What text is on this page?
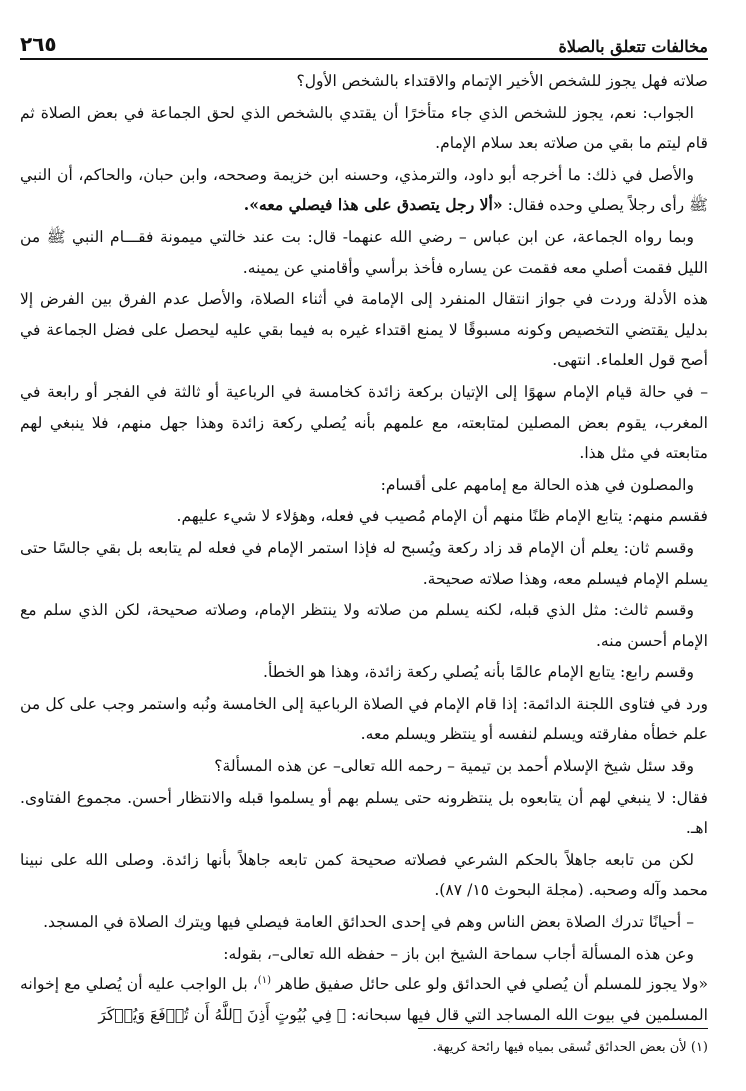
مخالفات تتعلق بالصلاة
٢٦٥

صلاته فهل يجوز للشخص الأخير الإتمام والاقتداء بالشخص الأول؟

الجواب: نعم، يجوز للشخص الذي جاء متأخرًا أن يقتدي بالشخص الذي لحق الجماعة في بعض الصلاة ثم قام ليتم ما بقي من صلاته بعد سلام الإمام.

والأصل في ذلك: ما أخرجه أبو داود، والترمذي، وحسنه ابن خزيمة وصححه، وابن حبان، والحاكم، أن النبي ﷺ رأى رجلاً يصلي وحده فقال: «ألا رجل يتصدق على هذا فيصلي معه».

وبما رواه الجماعة، عن ابن عباس – رضي الله عنهما- قال: بت عند خالتي ميمونة فقـــام النبي ﷺ من الليل فقمت أصلي معه فقمت عن يساره فأخذ برأسي وأقامني عن يمينه.

هذه الأدلة وردت في جواز انتقال المنفرد إلى الإمامة في أثناء الصلاة، والأصل عدم الفرق بين الفرض إلا بدليل يقتضي التخصيص وكونه مسبوقًا لا يمنع اقتداء غيره به فيما بقي عليه ليحصل على فضل الجماعة في أصح قول العلماء. انتهى.

– في حالة قيام الإمام سهوًا إلى الإتيان بركعة زائدة كخامسة في الرباعية أو ثالثة في الفجر أو رابعة في المغرب، يقوم بعض المصلين لمتابعته، مع علمهم بأنه يُصلي ركعة زائدة وهذا جهل منهم، فلا ينبغي لهم متابعته في مثل هذا.

والمصلون في هذه الحالة مع إمامهم على أقسام:

فقسم منهم: يتابع الإمام ظنًا منهم أن الإمام مُصيب في فعله، وهؤلاء لا شيء عليهم.

وقسم ثان: يعلم أن الإمام قد زاد ركعة ويُسبح له فإذا استمر الإمام في فعله لم يتابعه بل بقي جالسًا حتى يسلم الإمام فيسلم معه، وهذا صلاته صحيحة.

وقسم ثالث: مثل الذي قبله، لكنه يسلم من صلاته ولا ينتظر الإمام، وصلاته صحيحة، لكن الذي سلم مع الإمام أحسن منه.

وقسم رابع: يتابع الإمام عالمًا بأنه يُصلي ركعة زائدة، وهذا هو الخطأ.

ورد في فتاوى اللجنة الدائمة: إذا قام الإمام في الصلاة الرباعية إلى الخامسة ونُبه واستمر وجب على كل من علم خطأه مفارقته ويسلم لنفسه أو ينتظر ويسلم معه.

وقد سئل شيخ الإسلام أحمد بن تيمية – رحمه الله تعالى– عن هذه المسألة؟

فقال: لا ينبغي لهم أن يتابعوه بل ينتظرونه حتى يسلم بهم أو يسلموا قبله والانتظار أحسن. مجموع الفتاوى. اهـ.

لكن من تابعه جاهلاً بالحكم الشرعي فصلاته صحيحة كمن تابعه جاهلاً بأنها زائدة. وصلى الله على نبينا محمد وآله وصحبه. (مجلة البحوث ١٥/ ٨٧).

– أحيانًا تدرك الصلاة بعض الناس وهم في إحدى الحدائق العامة فيصلي فيها ويترك الصلاة في المسجد.

وعن هذه المسألة أجاب سماحة الشيخ ابن باز – حفظه الله تعالى–، بقوله:

«ولا يجوز للمسلم أن يُصلي في الحدائق ولو على حائل صفيق طاهر $^{(١)}$، بل الواجب عليه أن يُصلي مع إخوانه المسلمين في بيوت الله المساجد التي قال فيها سبحانه: ﴿ فِي بُيُوتٍ أَذِنَ ٱللَّهُ أَن تُرۡفَعَ وَيُذۡكَرَ

(١) لأن بعض الحدائق تُسقى بمياه فيها رائحة كريهة.
